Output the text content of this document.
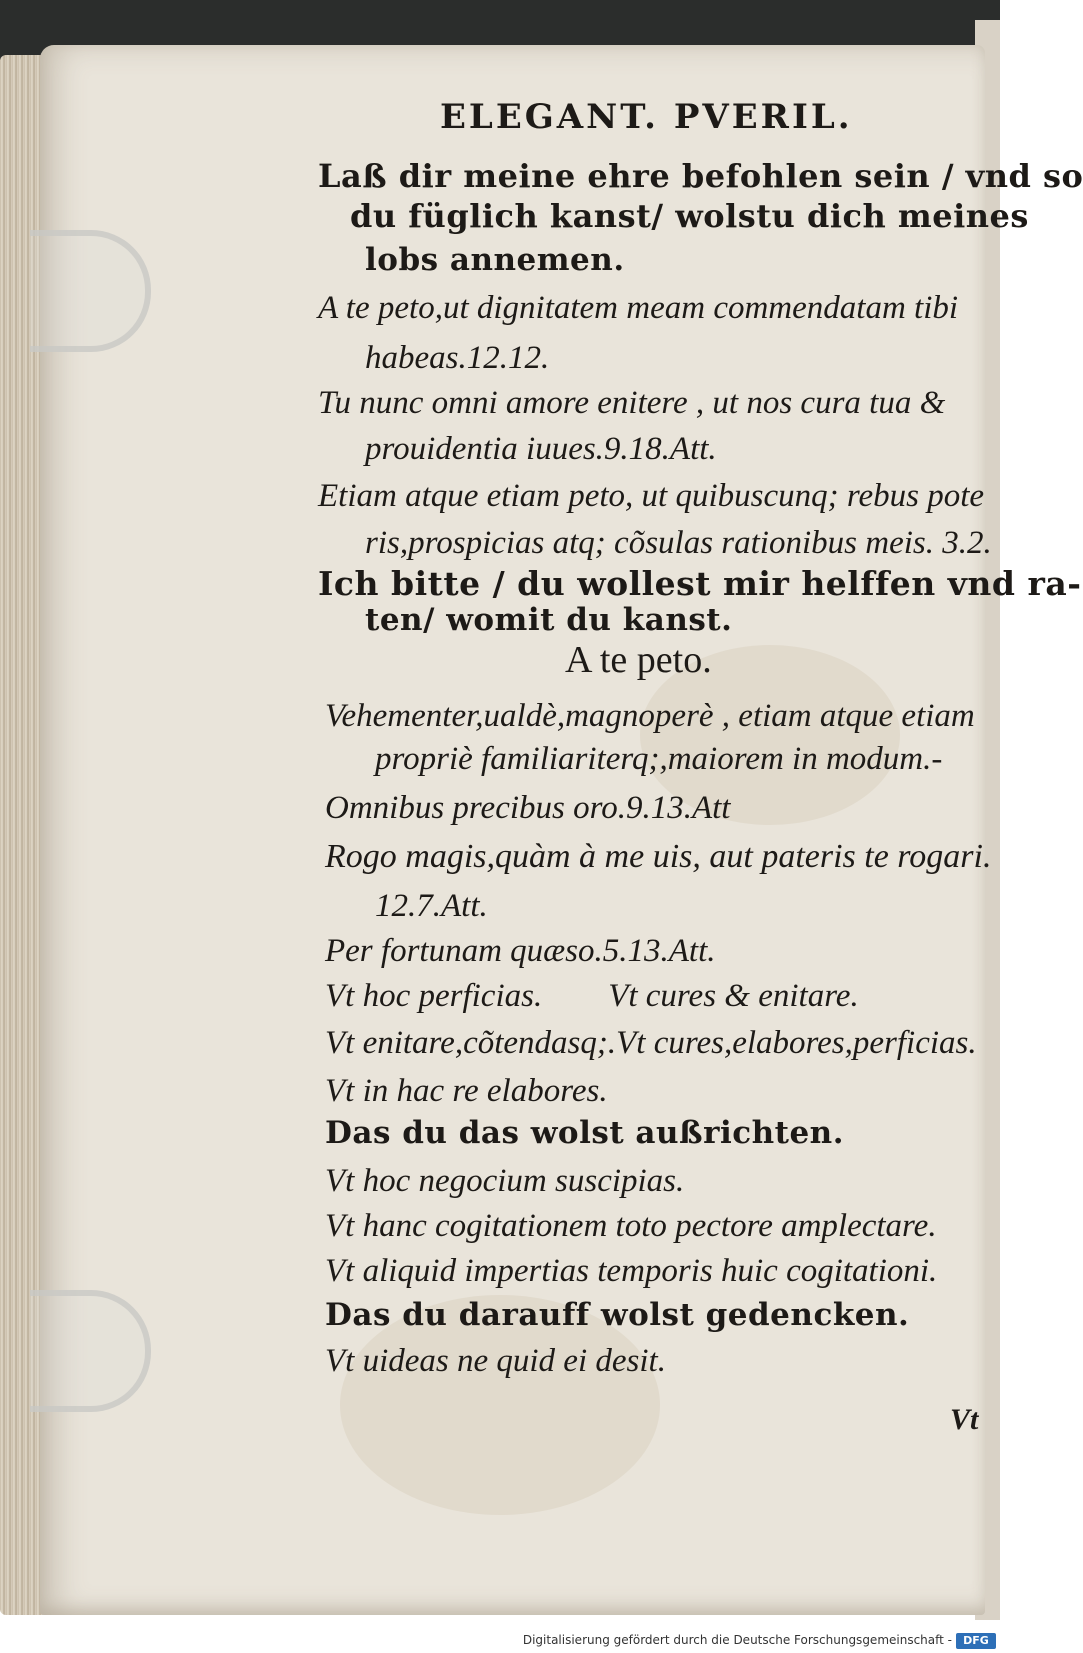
ELEGANT. PVERIL.

Laß dir meine ehre befohlen sein / vnd so

du füglich kanst/ wolstu dich meines

lobs annemen.

A te peto,ut dignitatem meam commendatam tibi

habeas.12.12.

Tu nunc omni amore enitere , ut nos cura tua &

prouidentia iuues.9.18.Att.

Etiam atque etiam peto, ut quibuscunq; rebus pote

ris,prospicias atq; cõsulas rationibus meis. 3.2.

Ich bitte / du wollest mir helffen vnd ra-

ten/ womit du kanst.

A te peto.

Vehementer,ualdè,magnoperè , etiam atque etiam

propriè familiariterq;,maiorem in modum.-

Omnibus precibus oro.9.13.Att

Rogo magis,quàm à me uis, aut pateris te rogari.

12.7.Att.

Per fortunam quæso.5.13.Att.

Vt hoc perficias.        Vt cures & enitare.

Vt enitare,cõtendasq;.Vt cures,elabores,perficias.

Vt in hac re elabores.

Das du das wolst außrichten.

Vt hoc negocium suscipias.

Vt hanc cogitationem toto pectore amplectare.

Vt aliquid impertias temporis huic cogitationi.

Das du darauff wolst gedencken.

Vt uideas ne quid ei desit.

Vt

Digitalisierung gefördert durch die Deutsche Forschungsgemeinschaft -	DFG
